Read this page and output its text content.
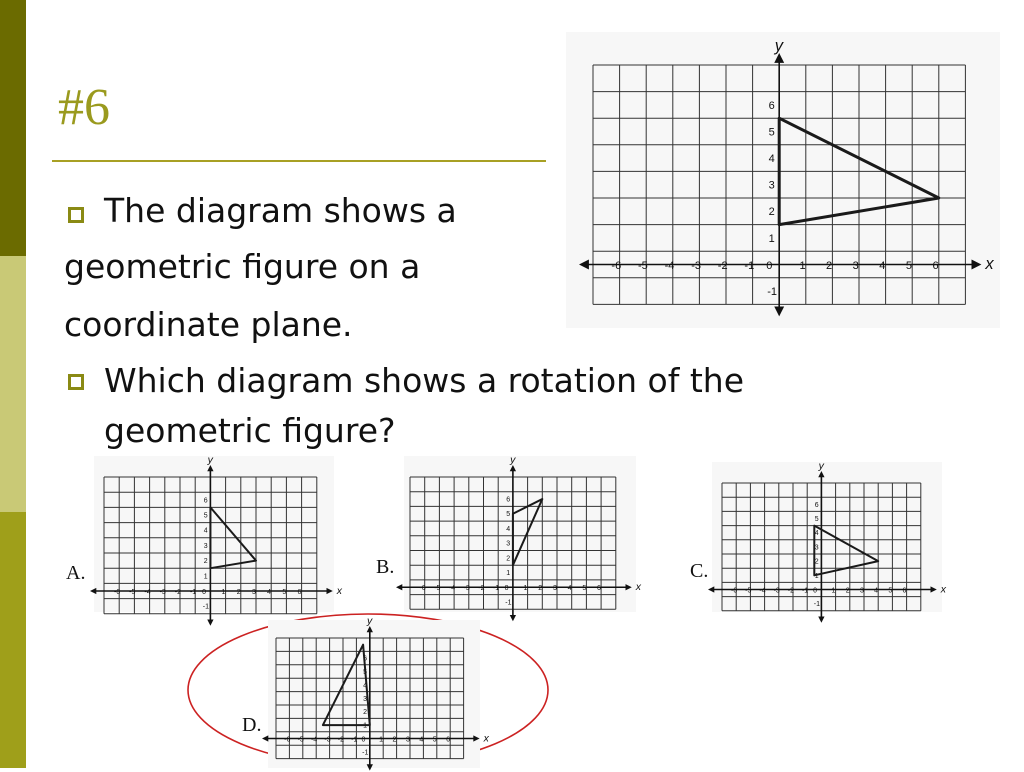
#6
The diagram shows a
geometric figure on a
coordinate plane.
Which diagram shows a rotation of the
geometric figure?
x
y
-6 -5 -4 -3 -2 -1 0 1 2 3 4 5 6
1
2
3
4
5
6
-1
A.
x
y
-6 -5 -4 -3 -2 -1 0 1 2 3 4 5 6
1
2
3
4
5
6
-1
B.
x
y
-6 -5 -4 -3 -2 -1 0 1 2 3 4 5 6
1
2
3
4
5
6
-1
C.
x
y
-6 -5 -4 -3 -2 -1 0 1 2 3 4 5 6
1
2
3
4
5
6
-1
D.
x
y
-6 -5 -4 -3 -2 -1 0 1 2 3 4 5 6
1
2
3
4
5
6
-1
